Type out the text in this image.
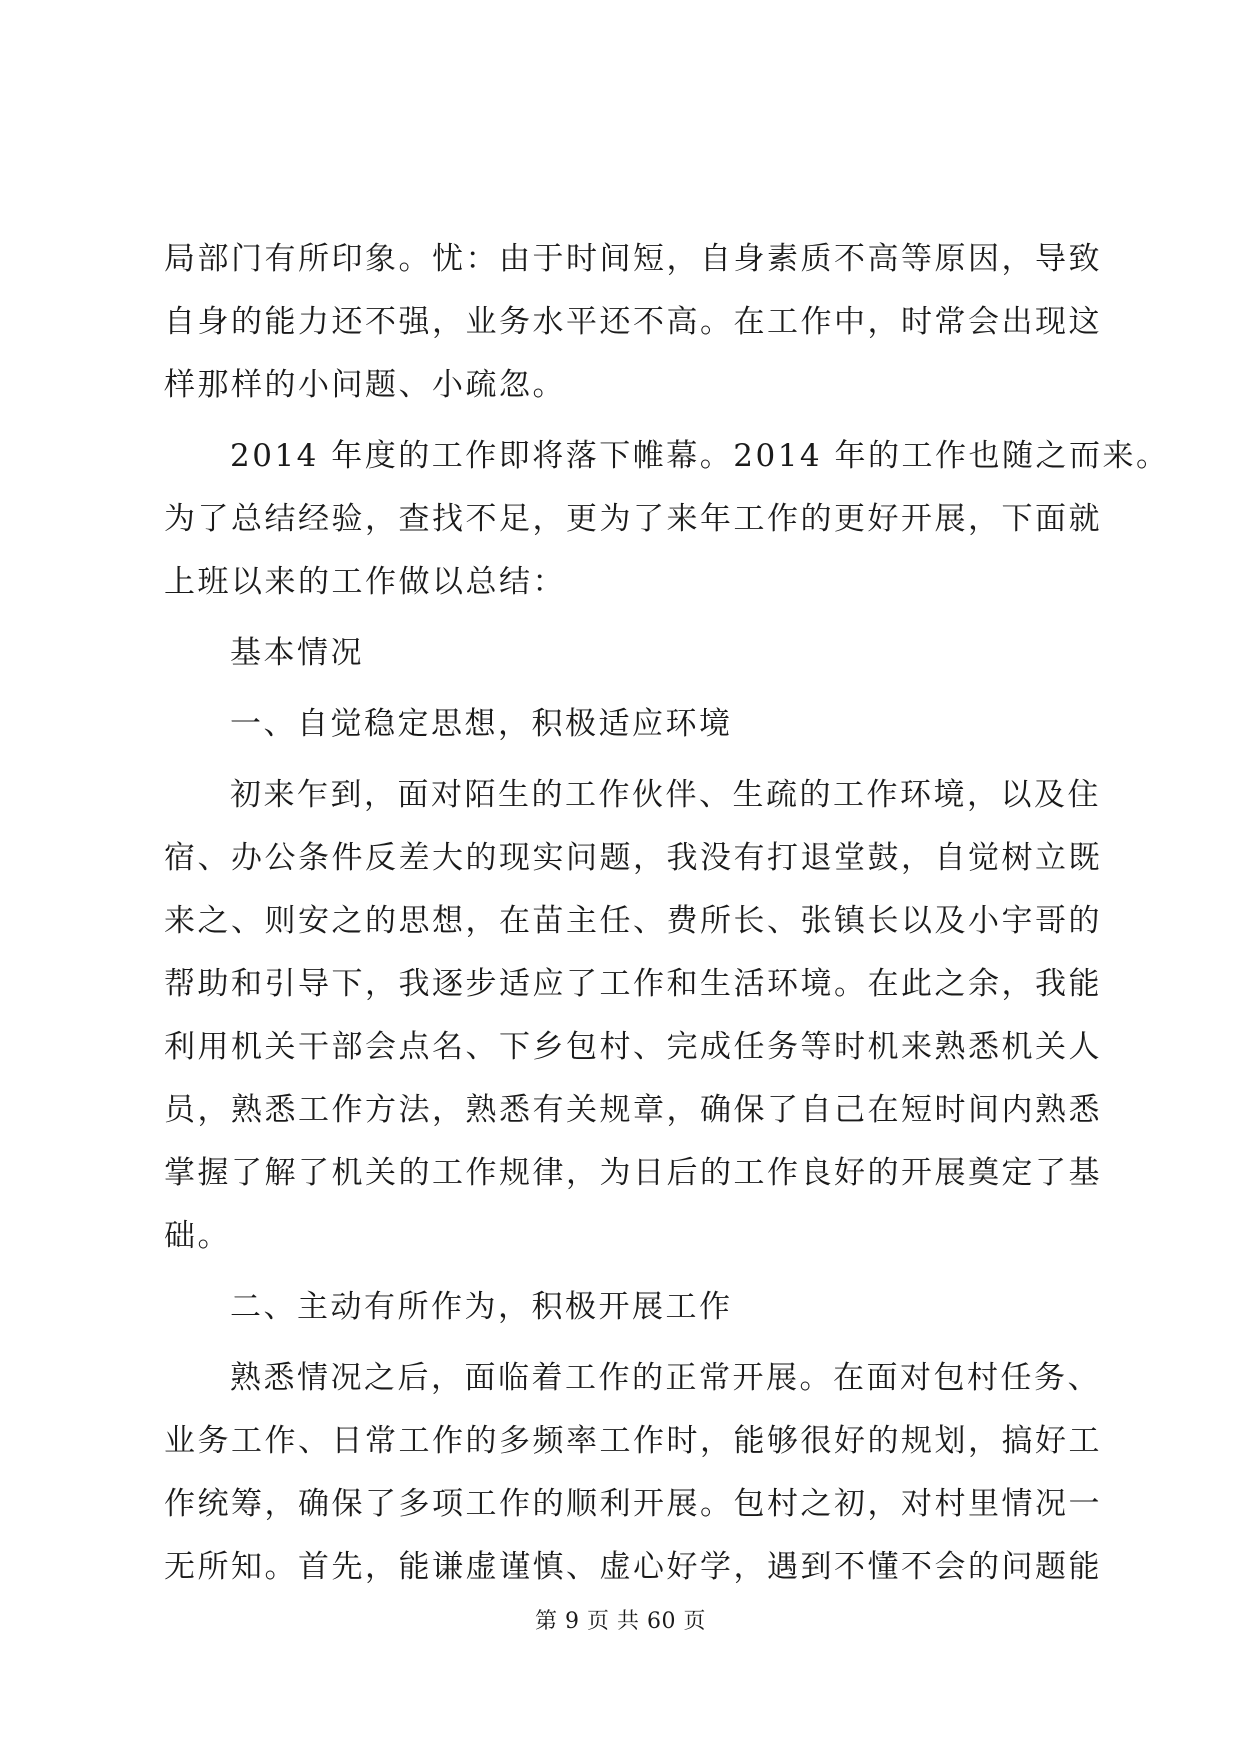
局部门有所印象。忧：由于时间短，自身素质不高等原因，导致
自身的能力还不强，业务水平还不高。在工作中，时常会出现这
样那样的小问题、小疏忽。
2014 年度的工作即将落下帷幕。2014 年的工作也随之而来。
为了总结经验，查找不足，更为了来年工作的更好开展，下面就
上班以来的工作做以总结：
基本情况
一、自觉稳定思想，积极适应环境
初来乍到，面对陌生的工作伙伴、生疏的工作环境，以及住
宿、办公条件反差大的现实问题，我没有打退堂鼓，自觉树立既
来之、则安之的思想，在苗主任、费所长、张镇长以及小宇哥的
帮助和引导下，我逐步适应了工作和生活环境。在此之余，我能
利用机关干部会点名、下乡包村、完成任务等时机来熟悉机关人
员，熟悉工作方法，熟悉有关规章，确保了自己在短时间内熟悉
掌握了解了机关的工作规律，为日后的工作良好的开展奠定了基
础。
二、主动有所作为，积极开展工作
熟悉情况之后，面临着工作的正常开展。在面对包村任务、
业务工作、日常工作的多频率工作时，能够很好的规划，搞好工
作统筹，确保了多项工作的顺利开展。包村之初，对村里情况一
无所知。首先，能谦虚谨慎、虚心好学，遇到不懂不会的问题能
第 9 页 共 60 页
